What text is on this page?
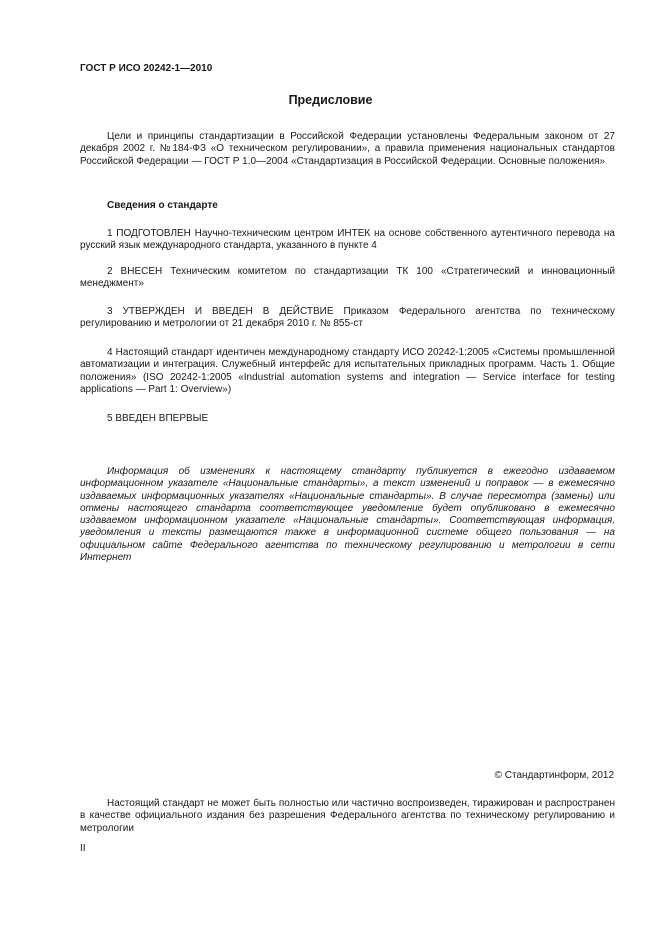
ГОСТ Р ИСО 20242-1—2010
Предисловие
Цели и принципы стандартизации в Российской Федерации установлены Федеральным законом от 27 декабря 2002 г. №184-ФЗ «О техническом регулировании», а правила применения национальных стандартов Российской Федерации — ГОСТ Р 1.0—2004 «Стандартизация в Российской Федерации. Основные положения»
Сведения о стандарте
1 ПОДГОТОВЛЕН Научно-техническим центром ИНТЕК на основе собственного аутентичного перевода на русский язык международного стандарта, указанного в пункте 4
2 ВНЕСЕН Техническим комитетом по стандартизации ТК 100 «Стратегический и инновационный менеджмент»
3 УТВЕРЖДЕН И ВВЕДЕН В ДЕЙСТВИЕ Приказом Федерального агентства по техническому регулированию и метрологии от 21 декабря 2010 г. № 855-ст
4 Настоящий стандарт идентичен международному стандарту ИСО 20242-1:2005 «Системы промышленной автоматизации и интеграция. Служебный интерфейс для испытательных прикладных программ. Часть 1. Общие положения» (ISO 20242-1:2005 «Industrial automation systems and integration — Service interface for testing applications — Part 1: Overview»)
5 ВВЕДЕН ВПЕРВЫЕ
Информация об изменениях к настоящему стандарту публикуется в ежегодно издаваемом информационном указателе «Национальные стандарты», а текст изменений и поправок — в ежемесячно издаваемых информационных указателях «Национальные стандарты». В случае пересмотра (замены) или отмены настоящего стандарта соответствующее уведомление будет опубликовано в ежемесячно издаваемом информационном указателе «Национальные стандарты». Соответствующая информация, уведомления и тексты размещаются также в информационной системе общего пользования — на официальном сайте Федерального агентства по техническому регулированию и метрологии в сети Интернет
© Стандартинформ, 2012
Настоящий стандарт не может быть полностью или частично воспроизведен, тиражирован и распространен в качестве официального издания без разрешения Федерального агентства по техническому регулированию и метрологии
II
